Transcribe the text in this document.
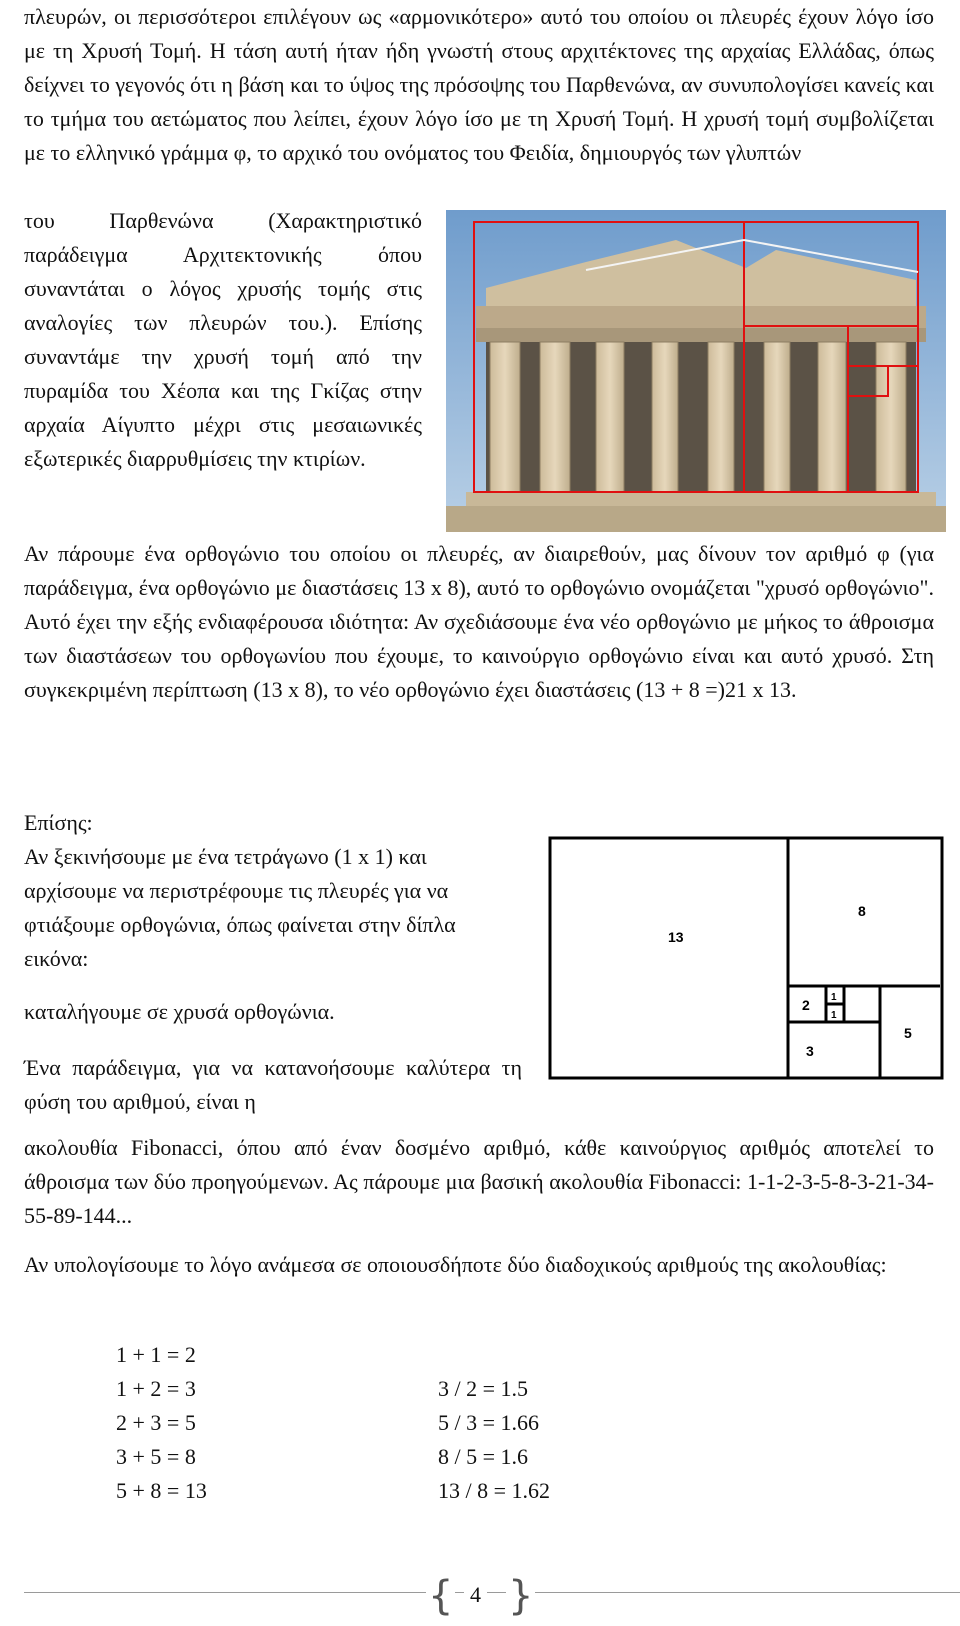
πλευρών, οι περισσότεροι επιλέγουν ως «αρμονικότερο» αυτό του οποίου οι πλευρές έχουν λόγο ίσο με τη Χρυσή Τομή. Η τάση αυτή ήταν ήδη γνωστή στους αρχιτέκτονες της αρχαίας Ελλάδας, όπως δείχνει το γεγονός ότι η βάση και το ύψος της πρόσοψης του Παρθενώνα, αν συνυπολογίσει κανείς και το τμήμα του αετώματος που λείπει, έχουν λόγο ίσο με τη Χρυσή Τομή. Η χρυσή τομή συμβολίζεται με το ελληνικό γράμμα φ, το αρχικό του ονόματος του Φειδία, δημιουργός των γλυπτών

του Παρθενώνα (Χαρακτηριστικό παράδειγμα Αρχιτεκτονικής όπου συναντάται ο λόγος χρυσής τομής στις αναλογίες των πλευρών του.). Επίσης συναντάμε την χρυσή τομή από την πυραμίδα του Χέοπα και της Γκίζας στην αρχαία Αίγυπτο μέχρι στις μεσαιωνικές εξωτερικές διαρρυθμίσεις την κτιρίων.

Αν πάρουμε ένα ορθογώνιο του οποίου οι πλευρές, αν διαιρεθούν, μας δίνουν τον αριθμό φ (για παράδειγμα, ένα ορθογώνιο με διαστάσεις 13 x 8), αυτό το ορθογώνιο ονομάζεται "χρυσό ορθογώνιο". Αυτό έχει την εξής ενδιαφέρουσα ιδιότητα: Αν σχεδιάσουμε ένα νέο ορθογώνιο με μήκος το άθροισμα των διαστάσεων του ορθογωνίου που έχουμε, το καινούργιο ορθογώνιο είναι και αυτό χρυσό. Στη συγκεκριμένη περίπτωση (13 x 8), το νέο ορθογώνιο έχει διαστάσεις (13 + 8 =)21 x 13.

Επίσης:

Αν ξεκινήσουμε με ένα τετράγωνο (1 x 1) και αρχίσουμε να περιστρέφουμε τις πλευρές για να φτιάξουμε ορθογώνια, όπως φαίνεται στην δίπλα εικόνα:

13
8
2 1
1
3
5

καταλήγουμε σε χρυσά ορθογώνια.

Ένα παράδειγμα, για να κατανοήσουμε καλύτερα τη φύση του αριθμού, είναι η

ακολουθία Fibonacci, όπου από έναν δοσμένο αριθμό, κάθε καινούργιος αριθμός αποτελεί το άθροισμα των δύο προηγούμενων. Ας πάρουμε μια βασική ακολουθία Fibonacci: 1-1-2-3-5-8-3-21-34-55-89-144...

Αν υπολογίσουμε το λόγο ανάμεσα σε οποιουσδήποτε δύο διαδοχικούς αριθμούς της ακολουθίας:

1 + 1 = 2
1 + 2 = 3
2 + 3 = 5
3 + 5 = 8
5 + 8 = 13
3 / 2 = 1.5
5 / 3 = 1.66
8 / 5 = 1.6
13 / 8 = 1.62
{ 4 }
